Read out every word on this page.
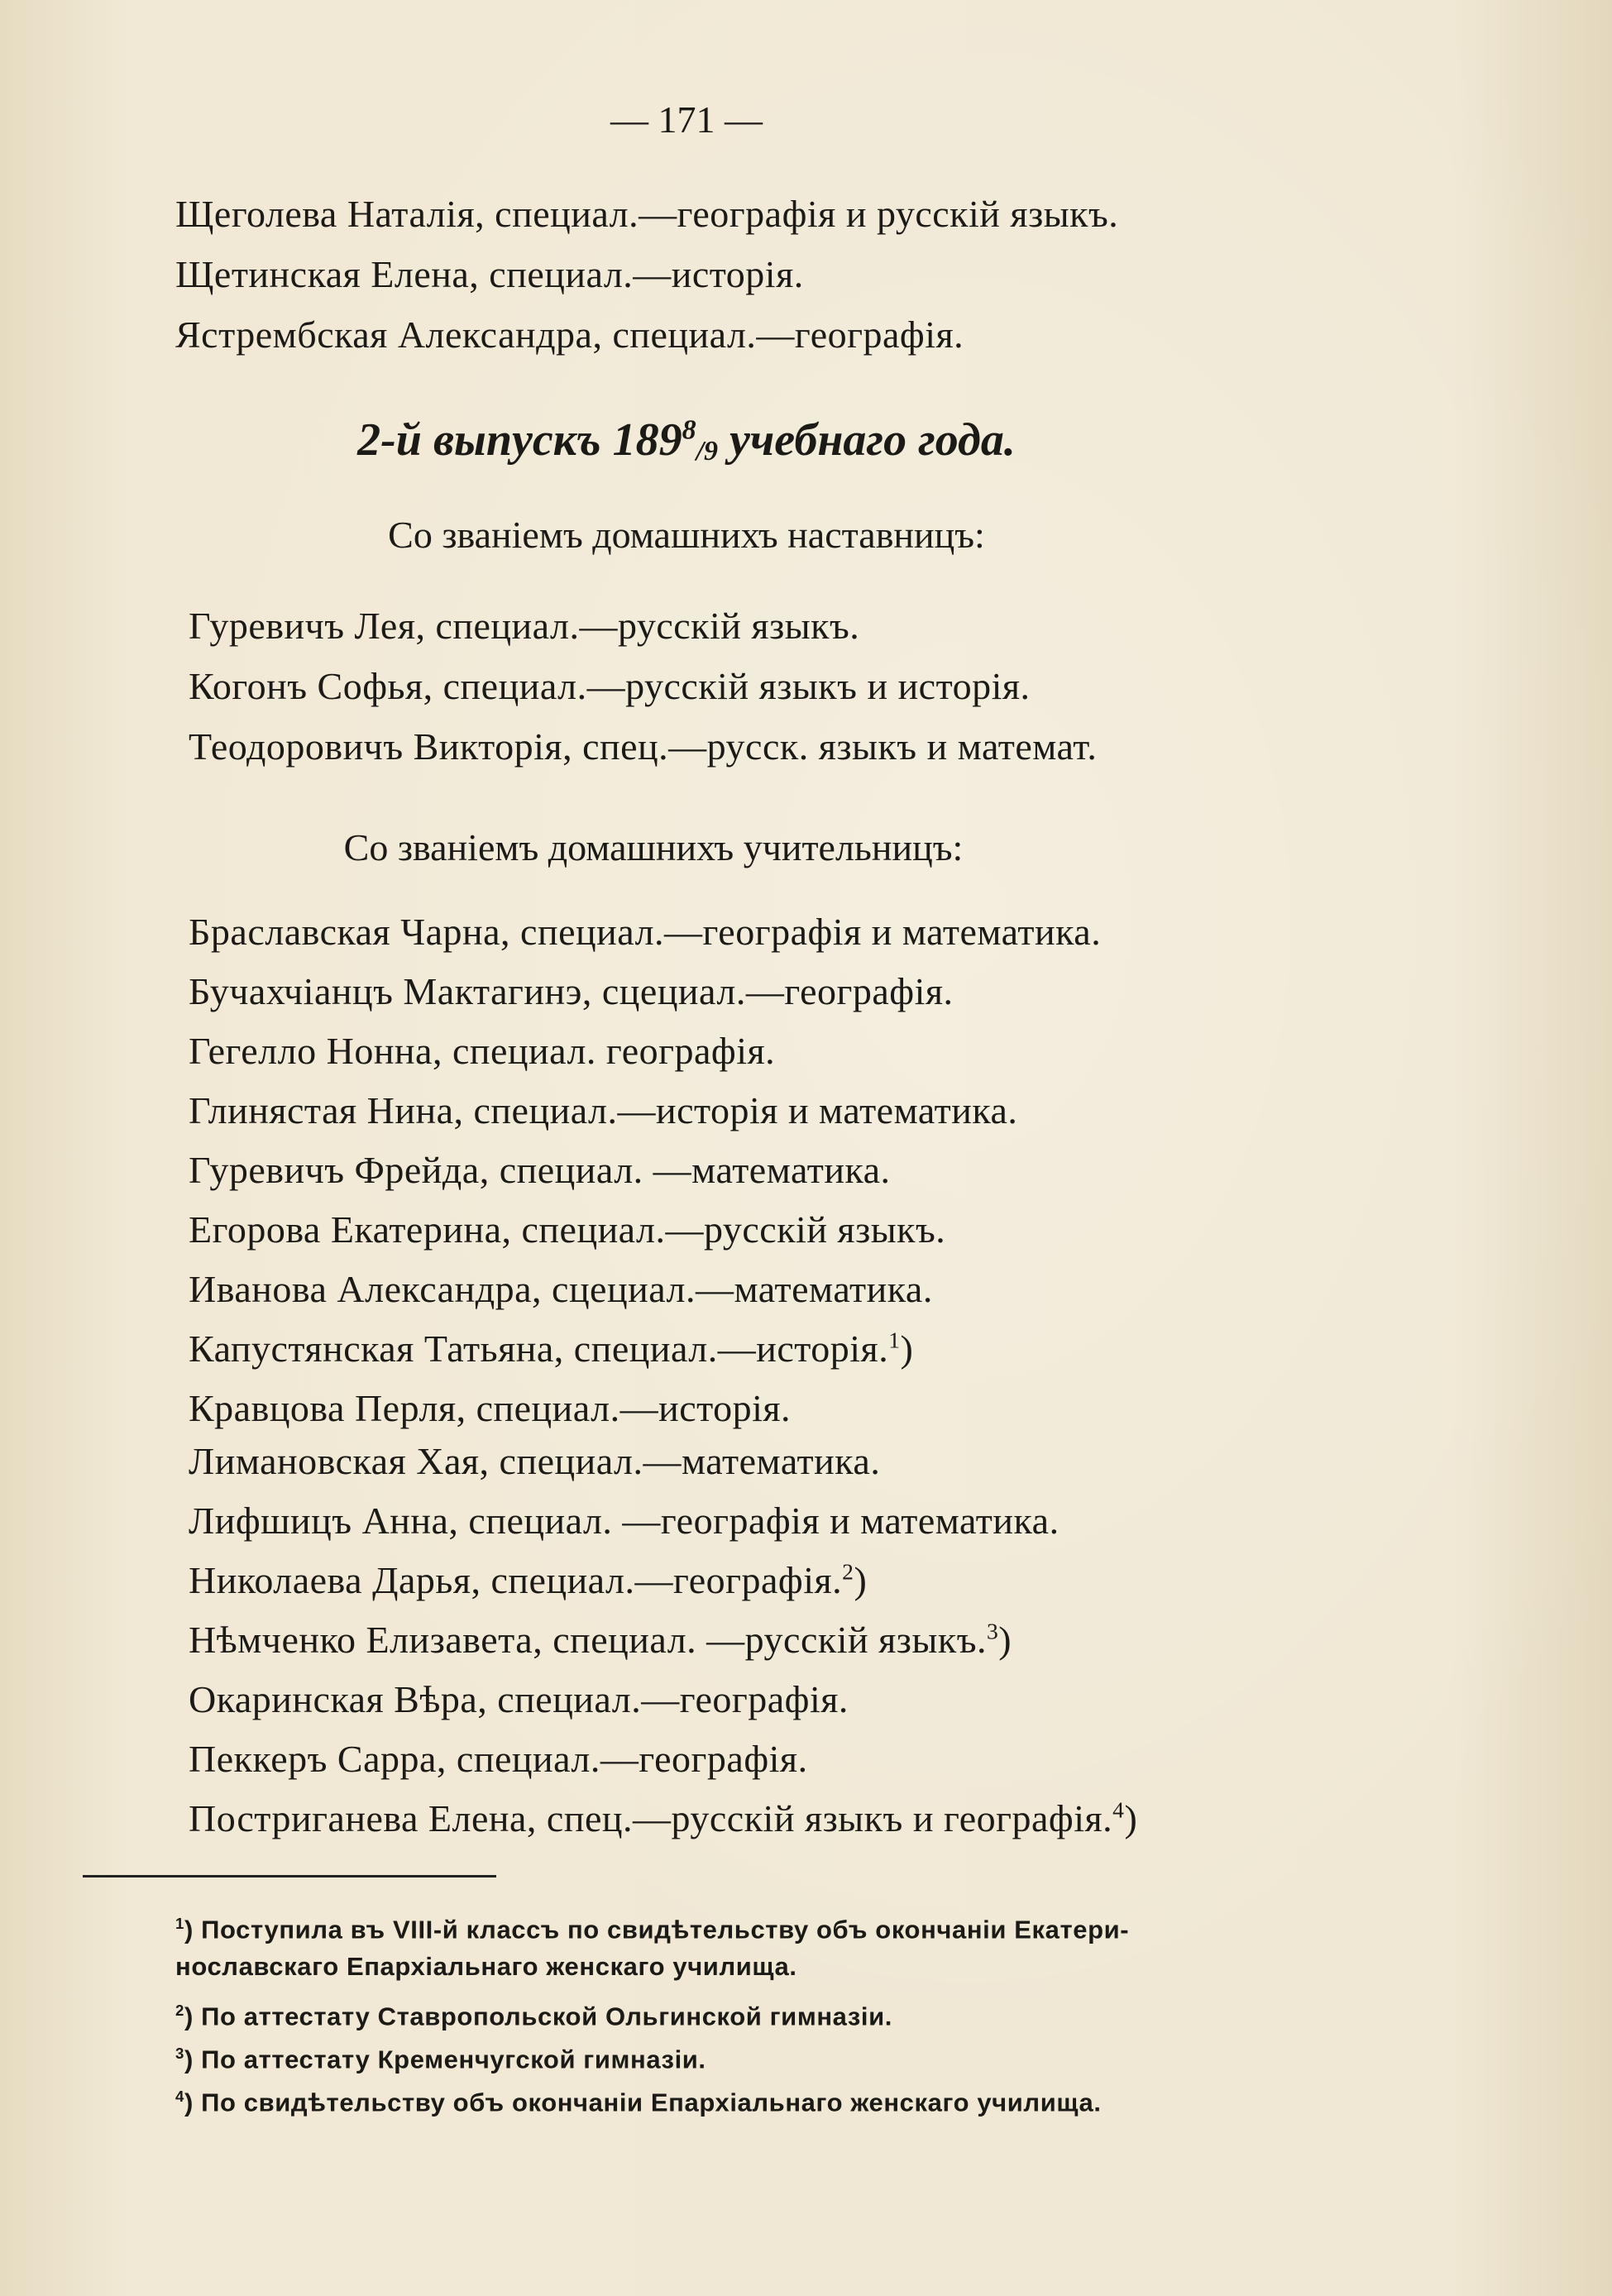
— 171 —
Щеголева Наталія, специал.—географія и русскій языкъ.
Щетинская Елена, специал.—исторія.
Ястрембская Александра, специал.—географія.
2-й выпускъ $189^8/9$ учебнаго года.
Со званіемъ домашнихъ наставницъ:
Гуревичъ Лея, специал.—русскій языкъ.
Когонъ Софья, специал.—русскій языкъ и исторія.
Теодоровичъ Викторія, спец.—русск. языкъ и математ.
Со званіемъ домашнихъ учительницъ:
Браславская Чарна, специал.—географія и математика.
Бучахчіанцъ Мактагинэ, сцециал.—географія.
Гегелло Нонна, специал. географія.
Глинястая Нина, специал.—исторія и математика.
Гуревичъ Фрейда, специал. —математика.
Егорова Екатерина, специал.—русскій языкъ.
Иванова Александра, сцециал.—математика.
Капустянская Татьяна, специал.—исторія.$^1$)
Кравцова Перля, специал.—исторія.
Лимановская Хая, специал.—математика.
Лифшицъ Анна, специал. —географія и математика.
Николаева Дарья, специал.—географія.$^2$)
Нѣмченко Елизавета, специал. —русскій языкъ.$^3$)
Окаринская Вѣра, специал.—географія.
Пеккеръ Сарра, специал.—географія.
Постриганева Елена, спец.—русскій языкъ и географія.$^4$)
$^1$) Поступила въ VIII-й классъ по свидѣтельству объ окончаніи Екатери-
нославскаго Епархіальнаго женскаго училища.
$^2$) По аттестату Ставропольской Ольгинской гимназіи.
$^3$) По аттестату Кременчугской гимназіи.
$^4$) По свидѣтельству объ окончаніи Епархіальнаго женскаго училища.
